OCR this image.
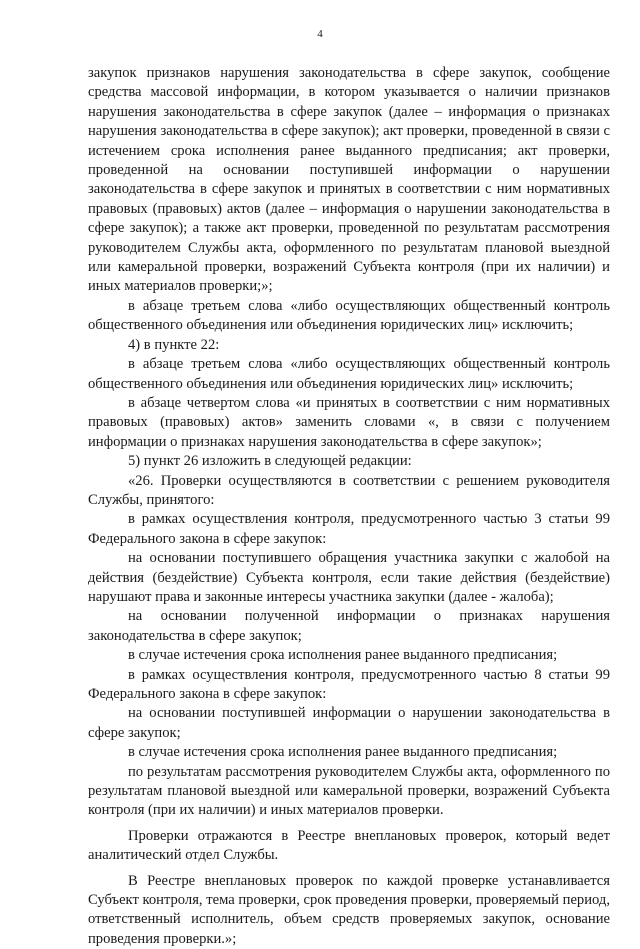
4

закупок признаков нарушения законодательства в сфере закупок, сообщение средства массовой информации, в котором указывается о наличии признаков нарушения законодательства в сфере закупок (далее – информация о признаках нарушения законодательства в сфере закупок); акт проверки, проведенной в связи с истечением срока исполнения ранее выданного предписания; акт проверки, проведенной на основании поступившей информации о нарушении законодательства в сфере закупок и принятых в соответствии с ним нормативных правовых (правовых) актов (далее – информация о нарушении законодательства в сфере закупок); а также акт проверки, проведенной по результатам рассмотрения руководителем Службы акта, оформленного по результатам плановой выездной или камеральной проверки, возражений Субъекта контроля (при их наличии) и иных материалов проверки;»;

в абзаце третьем слова «либо осуществляющих общественный контроль общественного объединения или объединения юридических лиц» исключить;

4) в пункте 22:

в абзаце третьем слова «либо осуществляющих общественный контроль общественного объединения или объединения юридических лиц» исключить;

в абзаце четвертом слова «и принятых в соответствии с ним нормативных правовых (правовых) актов» заменить словами «, в связи с получением информации о признаках нарушения законодательства в сфере закупок»;

5) пункт 26 изложить в следующей редакции:

«26. Проверки осуществляются в соответствии с решением руководителя Службы, принятого:

в рамках осуществления контроля, предусмотренного частью 3 статьи 99 Федерального закона в сфере закупок:

на основании поступившего обращения участника закупки с жалобой на действия (бездействие) Субъекта контроля, если такие действия (бездействие) нарушают права и законные интересы участника закупки (далее - жалоба);

на основании полученной информации о признаках нарушения законодательства в сфере закупок;

в случае истечения срока исполнения ранее выданного предписания;

в рамках осуществления контроля, предусмотренного частью 8 статьи 99 Федерального закона в сфере закупок:

на основании поступившей информации о нарушении законодательства в сфере закупок;

в случае истечения срока исполнения ранее выданного предписания;

по результатам рассмотрения руководителем Службы акта, оформленного по результатам плановой выездной или камеральной проверки, возражений Субъекта контроля (при их наличии) и иных материалов проверки.

Проверки отражаются в Реестре внеплановых проверок, который ведет аналитический отдел Службы.

В Реестре внеплановых проверок по каждой проверке устанавливается Субъект контроля, тема проверки, срок проведения проверки, проверяемый период, ответственный исполнитель, объем средств проверяемых закупок, основание проведения проверки.»;
